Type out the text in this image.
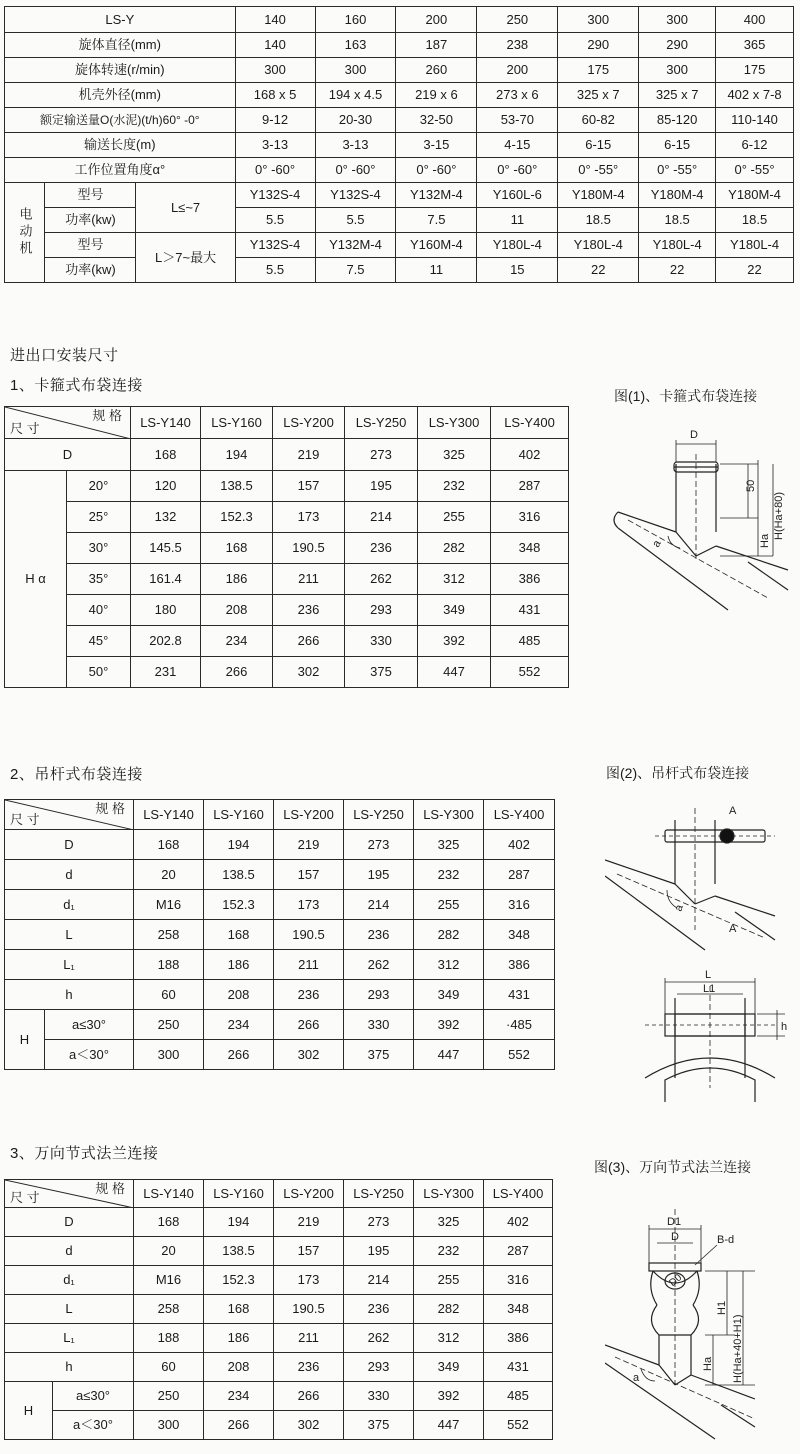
LS-Y			140	160	200	250	300	300	400
旋体直径(mm)			140	163	187	238	290	290	365
旋体转速(r/min)			300	300	260	200	175	300	175
机壳外径(mm)			168 x 5	194 x 4.5	219 x 6	273 x 6	325 x 7	325 x 7	402 x 7-8
额定输送量O(水泥)(t/h)60° -0°			9-12	20-30	32-50	53-70	60-82	85-120	110-140
输送长度(m)			3-13	3-13	3-15	4-15	6-15	6-15	6-12
工作位置角度α°			0° -60°	0° -60°	0° -60°	0° -60°	0° -55°	0° -55°	0° -55°
电动机	型号	L≤~7	Y132S-4	Y132S-4	Y132M-4	Y160L-6	Y180M-4	Y180M-4	Y180M-4
	功率(kw)		5.5	5.5	7.5	11	18.5	18.5	18.5
	型号	L＞7~最大	Y132S-4	Y132M-4	Y160M-4	Y180L-4	Y180L-4	Y180L-4	Y180L-4
	功率(kw)		5.5	7.5	11	15	22	22	22
进出口安装尺寸
1、卡箍式布袋连接
规 格
尺 寸		LS-Y140	LS-Y160	LS-Y200	LS-Y250	LS-Y300	LS-Y400
D		168	194	219	273	325	402
H α	20°	120	138.5	157	195	232	287
	25°	132	152.3	173	214	255	316
	30°	145.5	168	190.5	236	282	348
	35°	161.4	186	211	262	312	386
	40°	180	208	236	293	349	431
	45°	202.8	234	266	330	392	485
	50°	231	266	302	375	447	552
图(1)、卡箍式布袋连接
D
50
H(Ha+80)
Ha
a
2、吊杆式布袋连接
规 格
尺 寸		LS-Y140	LS-Y160	LS-Y200	LS-Y250	LS-Y300	LS-Y400
D		168	194	219	273	325	402
d		20	138.5	157	195	232	287
d₁		M16	152.3	173	214	255	316
L		258	168	190.5	236	282	348
L₁		188	186	211	262	312	386
h		60	208	236	293	349	431
H	a≤30°	250	234	266	330	392	·485
	a＜30°	300	266	302	375	447	552
图(2)、吊杆式布袋连接
A
A
a
L
L1
h
3、万向节式法兰连接
规 格
尺 寸		LS-Y140	LS-Y160	LS-Y200	LS-Y250	LS-Y300	LS-Y400
D		168	194	219	273	325	402
d		20	138.5	157	195	232	287
d₁		M16	152.3	173	214	255	316
L		258	168	190.5	236	282	348
L₁		188	186	211	262	312	386
h		60	208	236	293	349	431
H	a≤30°	250	234	266	330	392	485
	a＜30°	300	266	302	375	447	552
图(3)、万向节式法兰连接
D1
D	B-d
D0
H1
Ha H(Ha+40+H1)
a
